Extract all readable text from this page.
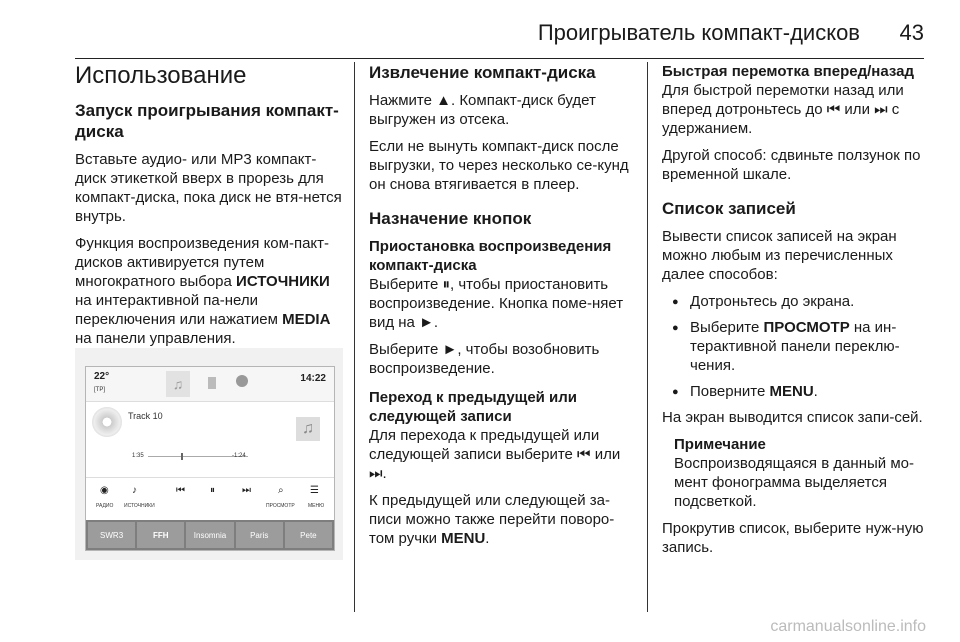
Проигрыватель компакт-дисков 43
Использование
Запуск проигрывания компакт-диска

Вставьте аудио- или MP3 компакт-диск этикеткой вверх в прорезь для компакт-диска, пока диск не втя-нется внутрь.

Функция воспроизведения ком-пакт-дисков активируется путем многократного выбора ИСТОЧНИКИ на интерактивной па-нели переключения или нажатием MEDIA на панели управления.

22°
[TP]
14:22
♫
Track 10
♫
1:35	-1:24
◉ ♪	⏮	⏸	⏭	⌕	☰
РАДИО ИСТОЧНИКИ	ПРОСМОТР	МЕНЮ
SWR3	FFH	Insomnia	Paris	Pete
Извлечение компакт-диска

Нажмите ▲. Компакт-диск будет выгружен из отсека.

Если не вынуть компакт-диск после выгрузки, то через несколько се-кунд он снова втягивается в плеер.

Назначение кнопок
Приостановка воспроизведения компакт-диска

Выберите ⏸, чтобы приостановить воспроизведение. Кнопка поме-няет вид на ►.

Выберите ►, чтобы возобновить воспроизведение.

Переход к предыдущей или следующей записи

Для перехода к предыдущей или следующей записи выберите ⏮ или ⏭.

К предыдущей или следующей за-писи можно также перейти поворо-том ручки MENU.

Быстрая перемотка вперед/назад

Для быстрой перемотки назад или вперед дотроньтесь до ⏮ или ⏭ с удержанием.

Другой способ: сдвиньте ползунок по временной шкале.

Список записей

Вывести список записей на экран можно любым из перечисленных далее способов:

● Дотроньтесь до экрана.
● Выберите ПРОСМОТР на ин-терактивной панели переклю-чения.
● Поверните MENU.

На экран выводится список запи-сей.

Примечание

Воспроизводящаяся в данный мо-мент фонограмма выделяется подсветкой.

Прокрутив список, выберите нуж-ную запись.

carmanualsonline.info
